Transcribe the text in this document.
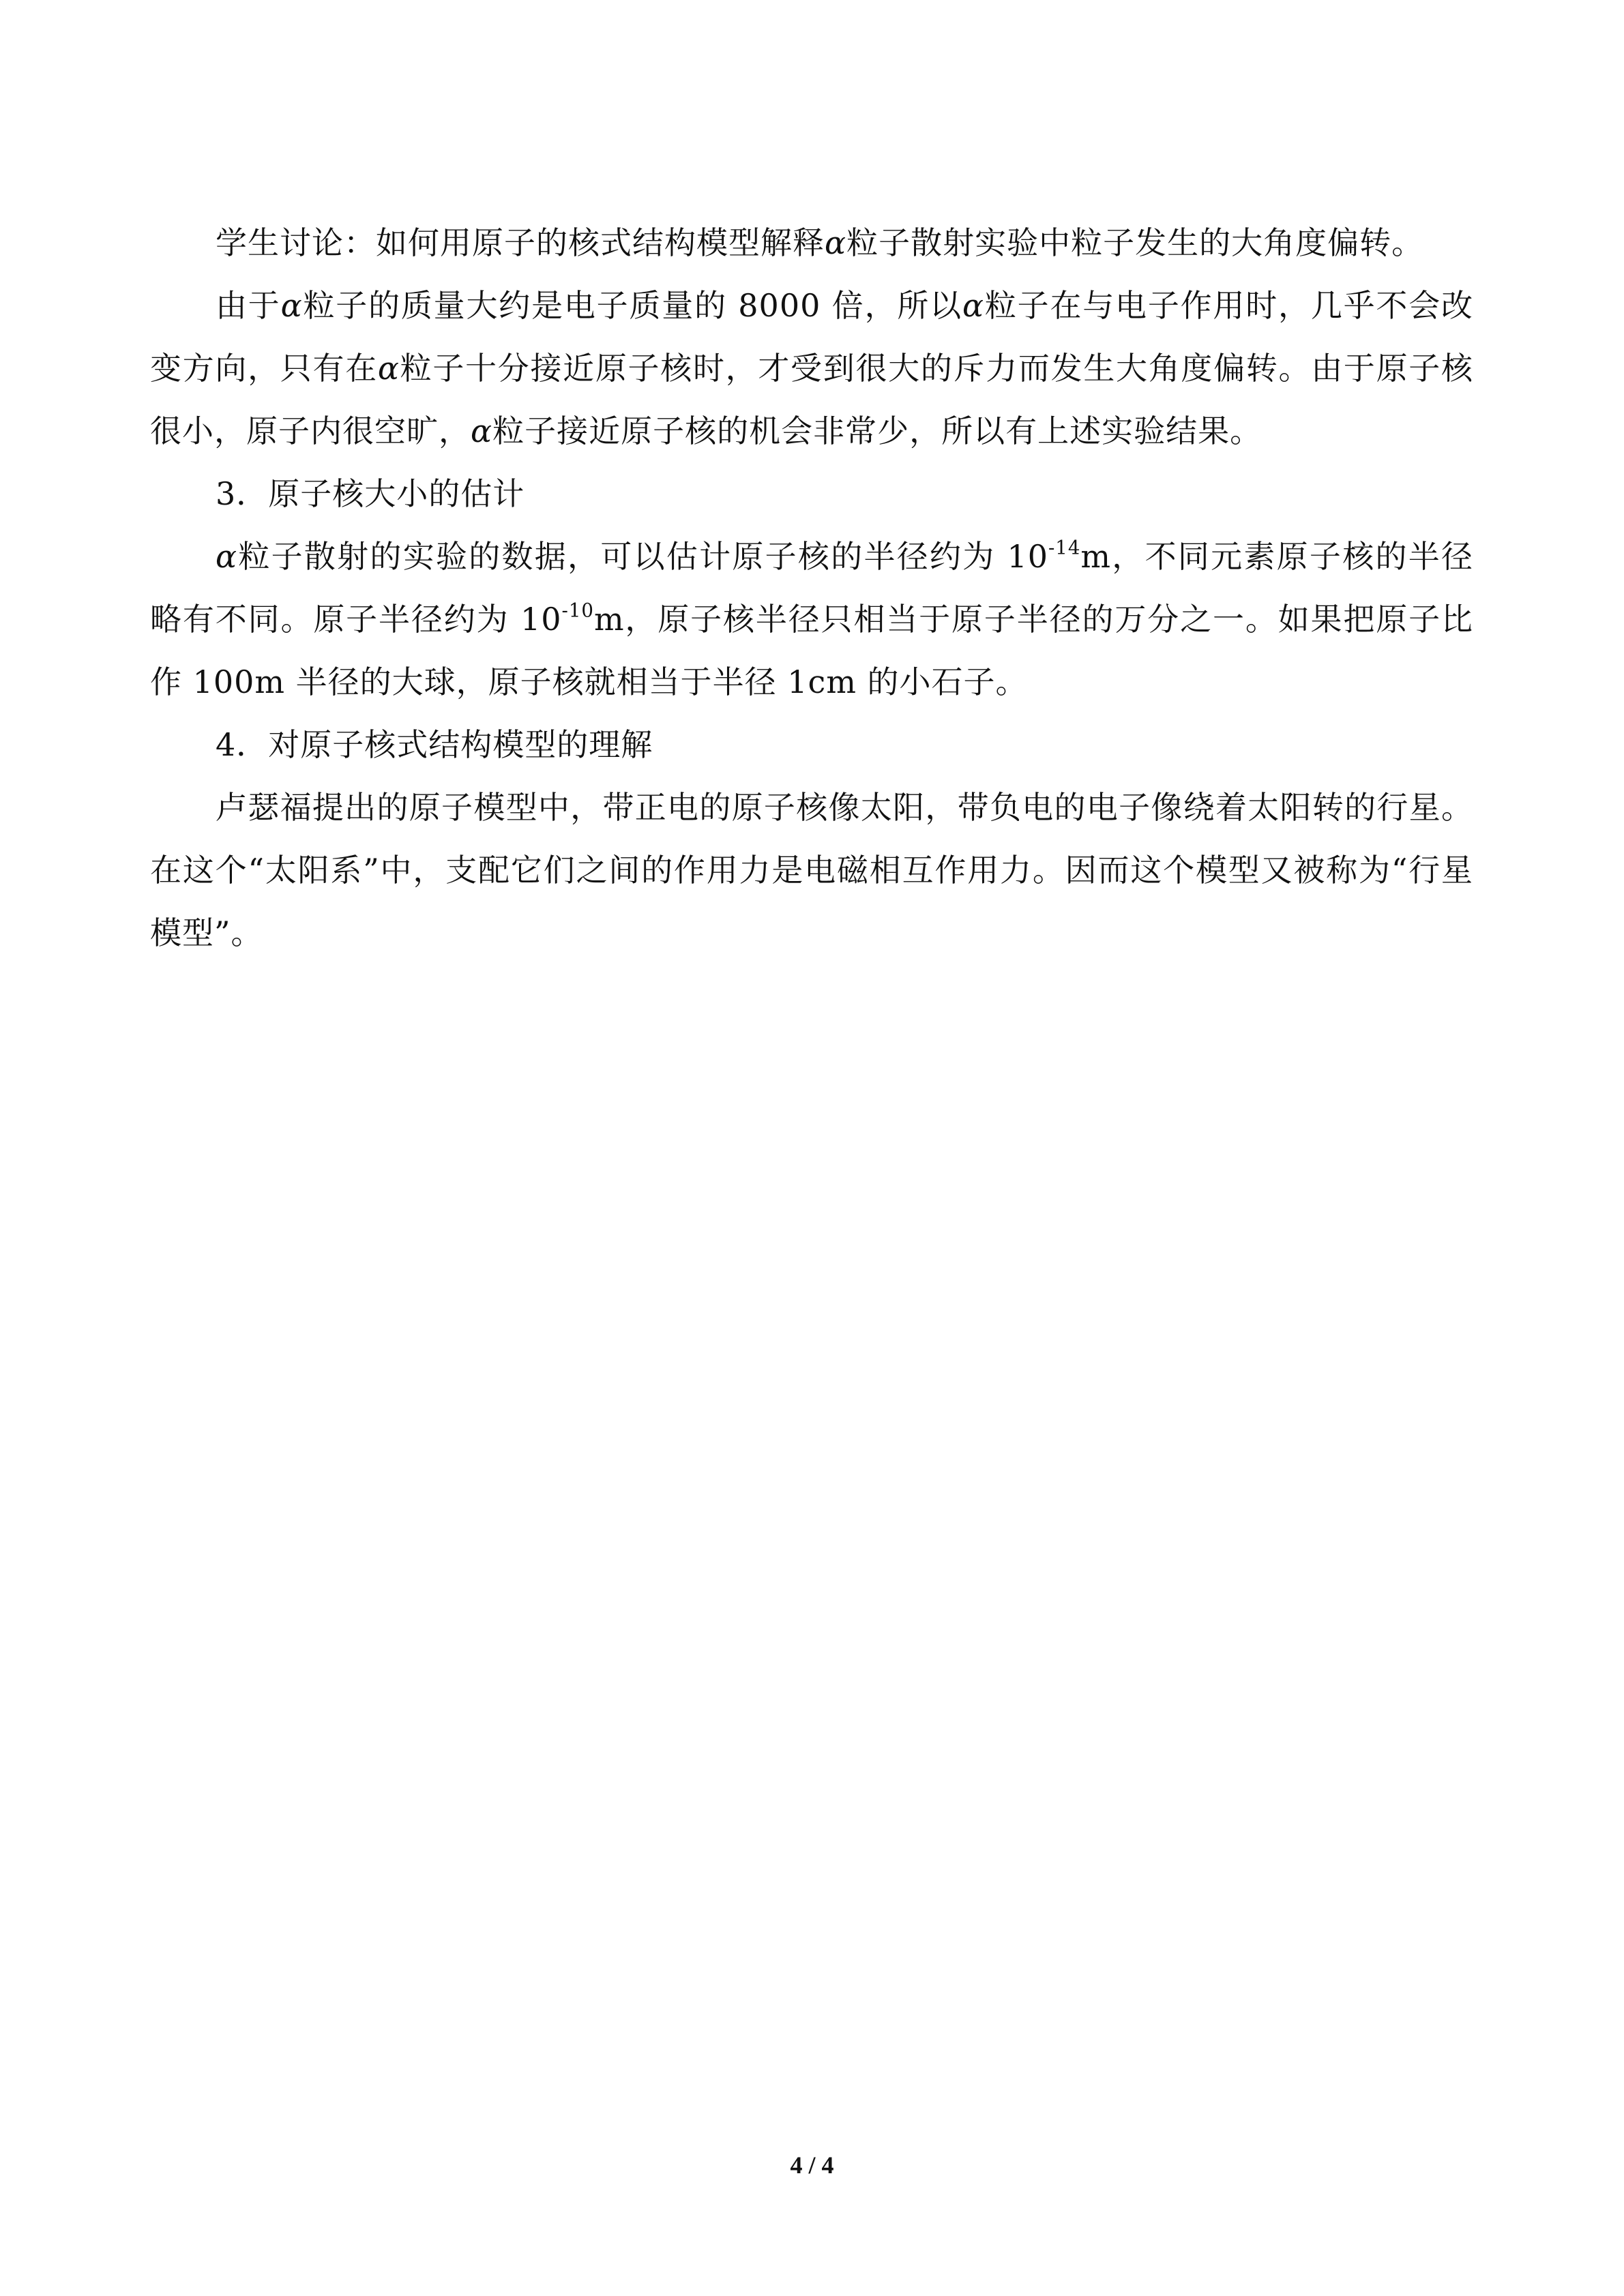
学生讨论：如何用原子的核式结构模型解释α粒子散射实验中粒子发生的大角度偏转。

由于α粒子的质量大约是电子质量的 8000 倍，所以α粒子在与电子作用时，几乎不会改变方向，只有在α粒子十分接近原子核时，才受到很大的斥力而发生大角度偏转。由于原子核很小，原子内很空旷，α粒子接近原子核的机会非常少，所以有上述实验结果。

3．原子核大小的估计

α粒子散射的实验的数据，可以估计原子核的半径约为 $10^{-14}m$，不同元素原子核的半径略有不同。原子半径约为 $10^{-10}m$，原子核半径只相当于原子半径的万分之一。如果把原子比作 100m 半径的大球，原子核就相当于半径 1cm 的小石子。

4．对原子核式结构模型的理解

卢瑟福提出的原子模型中，带正电的原子核像太阳，带负电的电子像绕着太阳转的行星。在这个“太阳系”中，支配它们之间的作用力是电磁相互作用力。因而这个模型又被称为“行星模型”。

4 / 4
